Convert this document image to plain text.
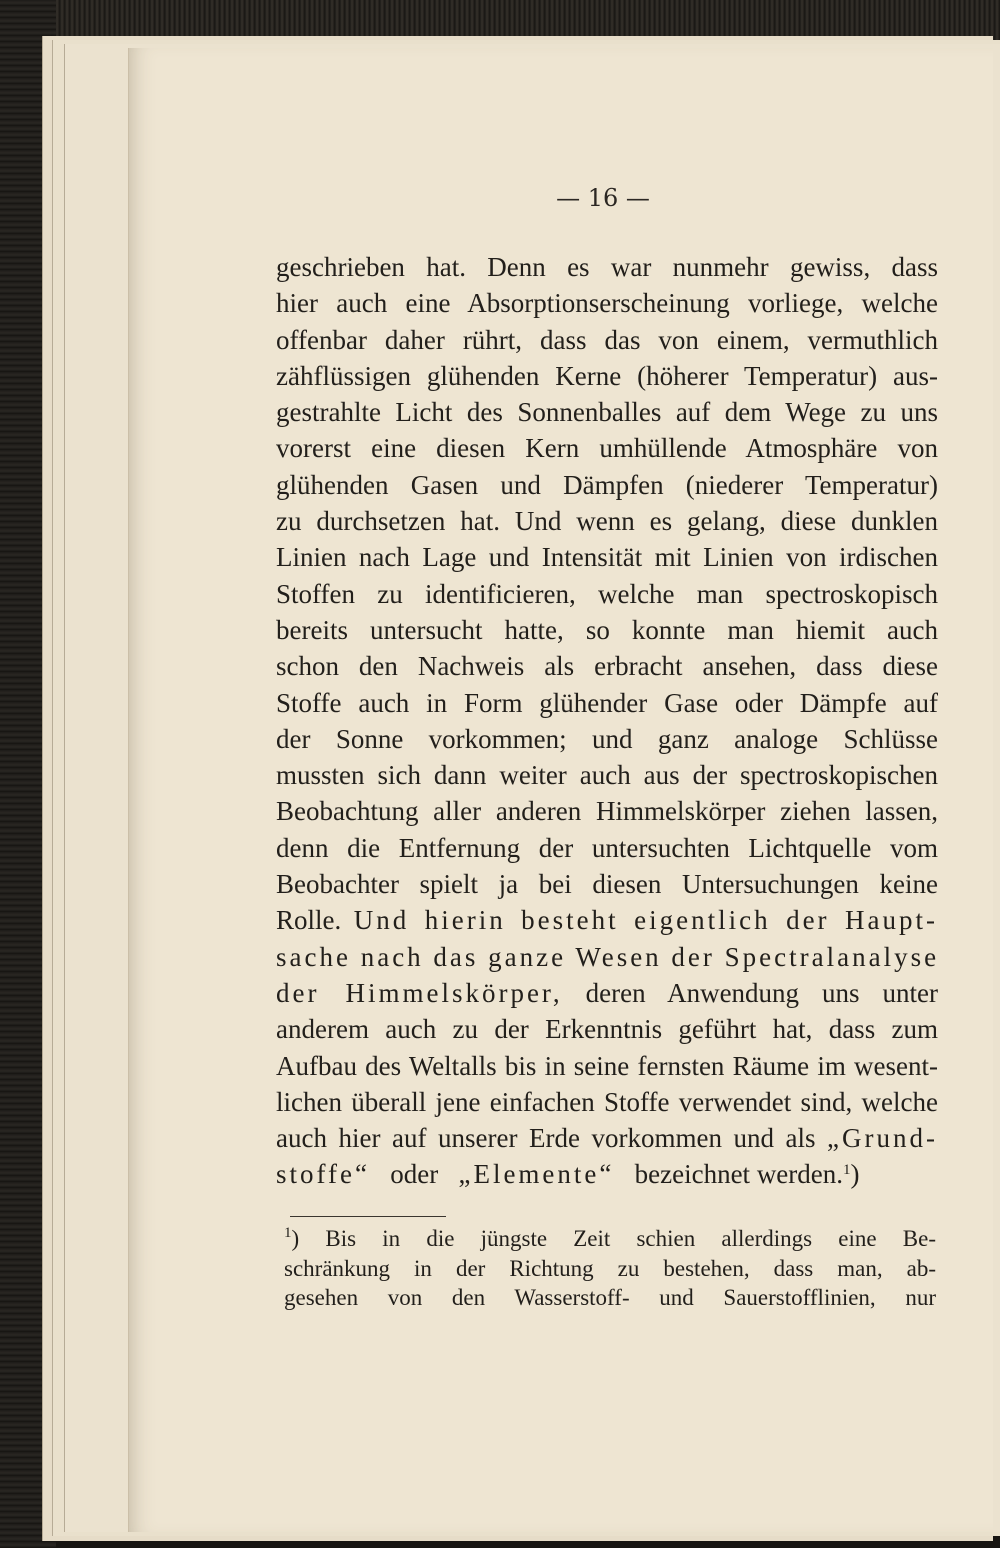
— 16 —
geschrieben hat. Denn es war nunmehr gewiss, dass
hier auch eine Absorptionserscheinung vorliege, welche
offenbar daher rührt, dass das von einem, vermuthlich
zähflüssigen glühenden Kerne (höherer Temperatur) aus-
gestrahlte Licht des Sonnenballes auf dem Wege zu uns
vorerst eine diesen Kern umhüllende Atmosphäre von
glühenden Gasen und Dämpfen (niederer Temperatur)
zu durchsetzen hat. Und wenn es gelang, diese dunklen
Linien nach Lage und Intensität mit Linien von irdischen
Stoffen zu identificieren, welche man spectroskopisch
bereits untersucht hatte, so konnte man hiemit auch
schon den Nachweis als erbracht ansehen, dass diese
Stoffe auch in Form glühender Gase oder Dämpfe auf
der Sonne vorkommen; und ganz analoge Schlüsse
mussten sich dann weiter auch aus der spectroskopischen
Beobachtung aller anderen Himmelskörper ziehen lassen,
denn die Entfernung der untersuchten Lichtquelle vom
Beobachter spielt ja bei diesen Untersuchungen keine
Rolle. Und hierin besteht eigentlich der Haupt-
sache nach das ganze Wesen der Spectralanalyse
der Himmelskörper, deren Anwendung uns unter
anderem auch zu der Erkenntnis geführt hat, dass zum
Aufbau des Weltalls bis in seine fernsten Räume im wesent-
lichen überall jene einfachen Stoffe verwendet sind, welche
auch hier auf unserer Erde vorkommen und als „Grund-
stoffe“ oder „Elemente“ bezeichnet werden.$^1$)
$^1$) Bis in die jüngste Zeit schien allerdings eine Be-
schränkung in der Richtung zu bestehen, dass man, ab-
gesehen von den Wasserstoff- und Sauerstofflinien, nur
